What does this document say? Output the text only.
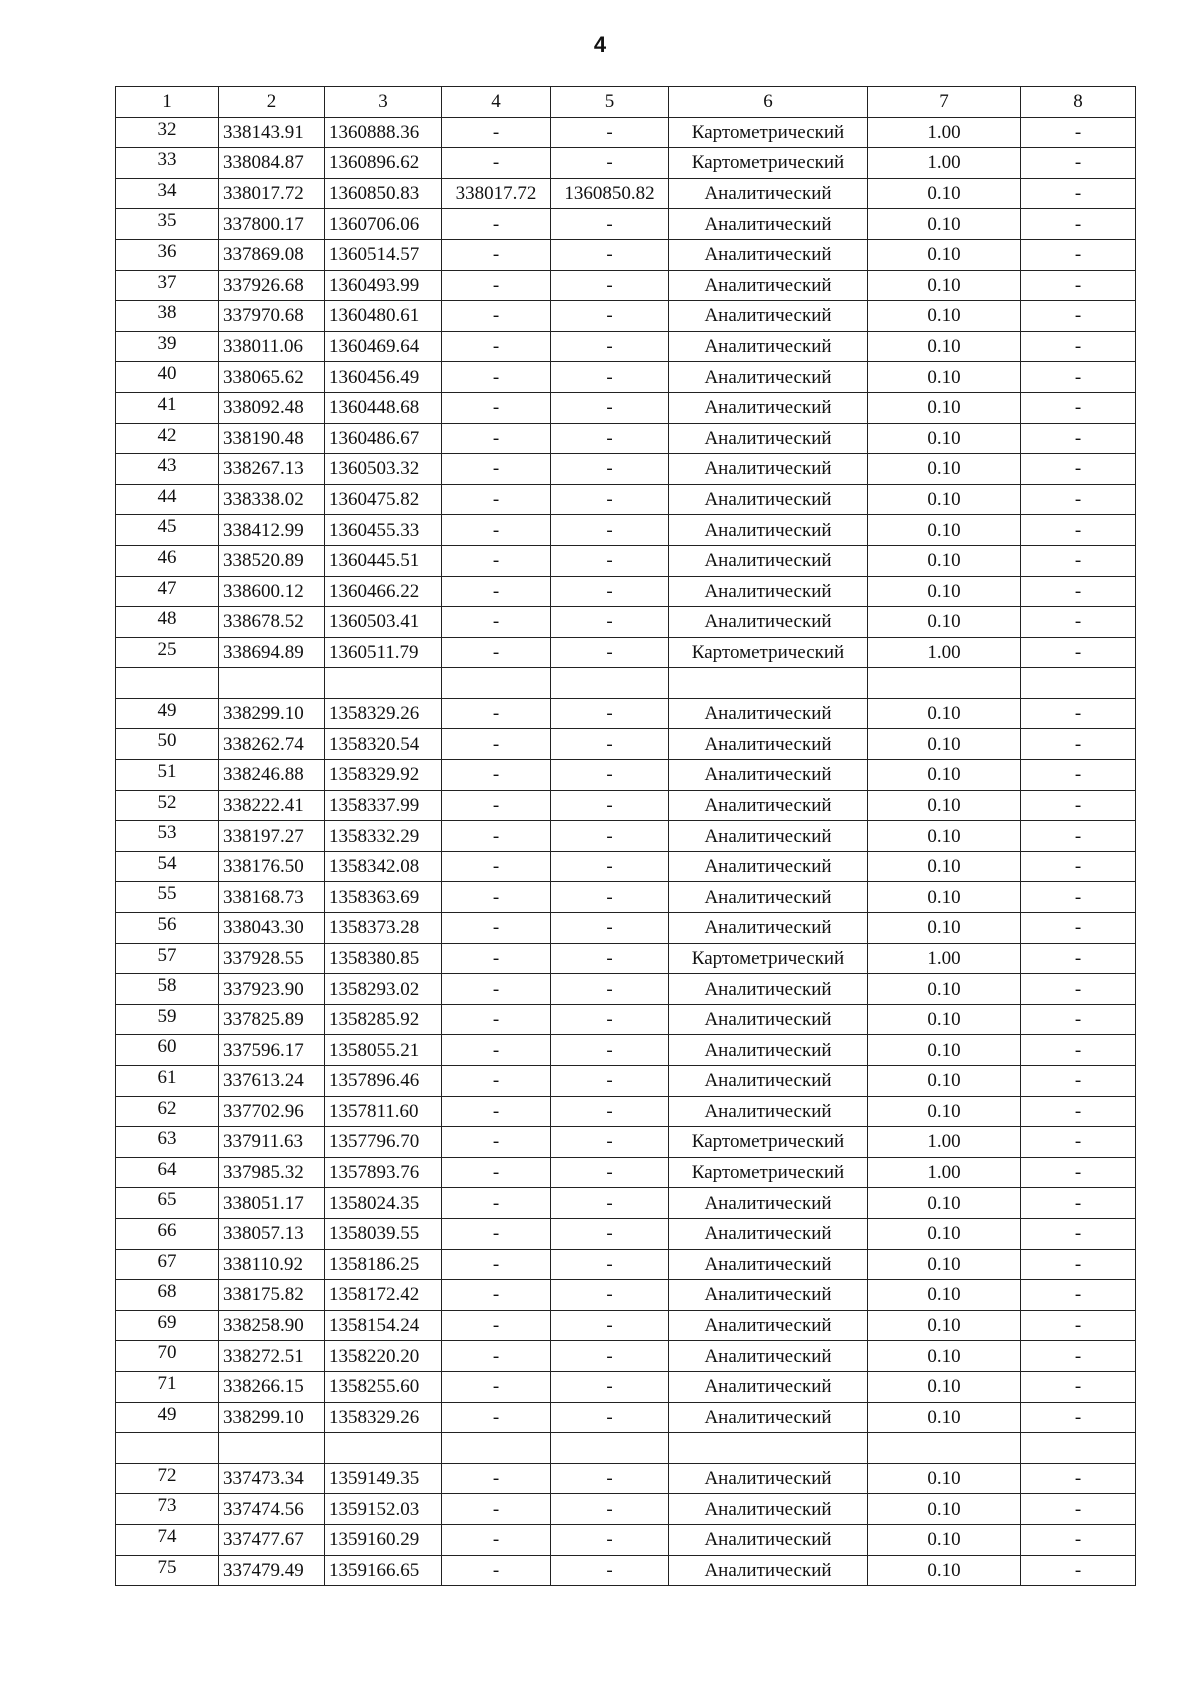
4
1	2	3	4	5	6	7	8
32	338143.91	1360888.36	-	-	Картометрический	1.00	-
33	338084.87	1360896.62	-	-	Картометрический	1.00	-
34	338017.72	1360850.83	338017.72	1360850.82	Аналитический	0.10	-
35	337800.17	1360706.06	-	-	Аналитический	0.10	-
36	337869.08	1360514.57	-	-	Аналитический	0.10	-
37	337926.68	1360493.99	-	-	Аналитический	0.10	-
38	337970.68	1360480.61	-	-	Аналитический	0.10	-
39	338011.06	1360469.64	-	-	Аналитический	0.10	-
40	338065.62	1360456.49	-	-	Аналитический	0.10	-
41	338092.48	1360448.68	-	-	Аналитический	0.10	-
42	338190.48	1360486.67	-	-	Аналитический	0.10	-
43	338267.13	1360503.32	-	-	Аналитический	0.10	-
44	338338.02	1360475.82	-	-	Аналитический	0.10	-
45	338412.99	1360455.33	-	-	Аналитический	0.10	-
46	338520.89	1360445.51	-	-	Аналитический	0.10	-
47	338600.12	1360466.22	-	-	Аналитический	0.10	-
48	338678.52	1360503.41	-	-	Аналитический	0.10	-
25	338694.89	1360511.79	-	-	Картометрический	1.00	-

49	338299.10	1358329.26	-	-	Аналитический	0.10	-
50	338262.74	1358320.54	-	-	Аналитический	0.10	-
51	338246.88	1358329.92	-	-	Аналитический	0.10	-
52	338222.41	1358337.99	-	-	Аналитический	0.10	-
53	338197.27	1358332.29	-	-	Аналитический	0.10	-
54	338176.50	1358342.08	-	-	Аналитический	0.10	-
55	338168.73	1358363.69	-	-	Аналитический	0.10	-
56	338043.30	1358373.28	-	-	Аналитический	0.10	-
57	337928.55	1358380.85	-	-	Картометрический	1.00	-
58	337923.90	1358293.02	-	-	Аналитический	0.10	-
59	337825.89	1358285.92	-	-	Аналитический	0.10	-
60	337596.17	1358055.21	-	-	Аналитический	0.10	-
61	337613.24	1357896.46	-	-	Аналитический	0.10	-
62	337702.96	1357811.60	-	-	Аналитический	0.10	-
63	337911.63	1357796.70	-	-	Картометрический	1.00	-
64	337985.32	1357893.76	-	-	Картометрический	1.00	-
65	338051.17	1358024.35	-	-	Аналитический	0.10	-
66	338057.13	1358039.55	-	-	Аналитический	0.10	-
67	338110.92	1358186.25	-	-	Аналитический	0.10	-
68	338175.82	1358172.42	-	-	Аналитический	0.10	-
69	338258.90	1358154.24	-	-	Аналитический	0.10	-
70	338272.51	1358220.20	-	-	Аналитический	0.10	-
71	338266.15	1358255.60	-	-	Аналитический	0.10	-
49	338299.10	1358329.26	-	-	Аналитический	0.10	-

72	337473.34	1359149.35	-	-	Аналитический	0.10	-
73	337474.56	1359152.03	-	-	Аналитический	0.10	-
74	337477.67	1359160.29	-	-	Аналитический	0.10	-
75	337479.49	1359166.65	-	-	Аналитический	0.10	-
